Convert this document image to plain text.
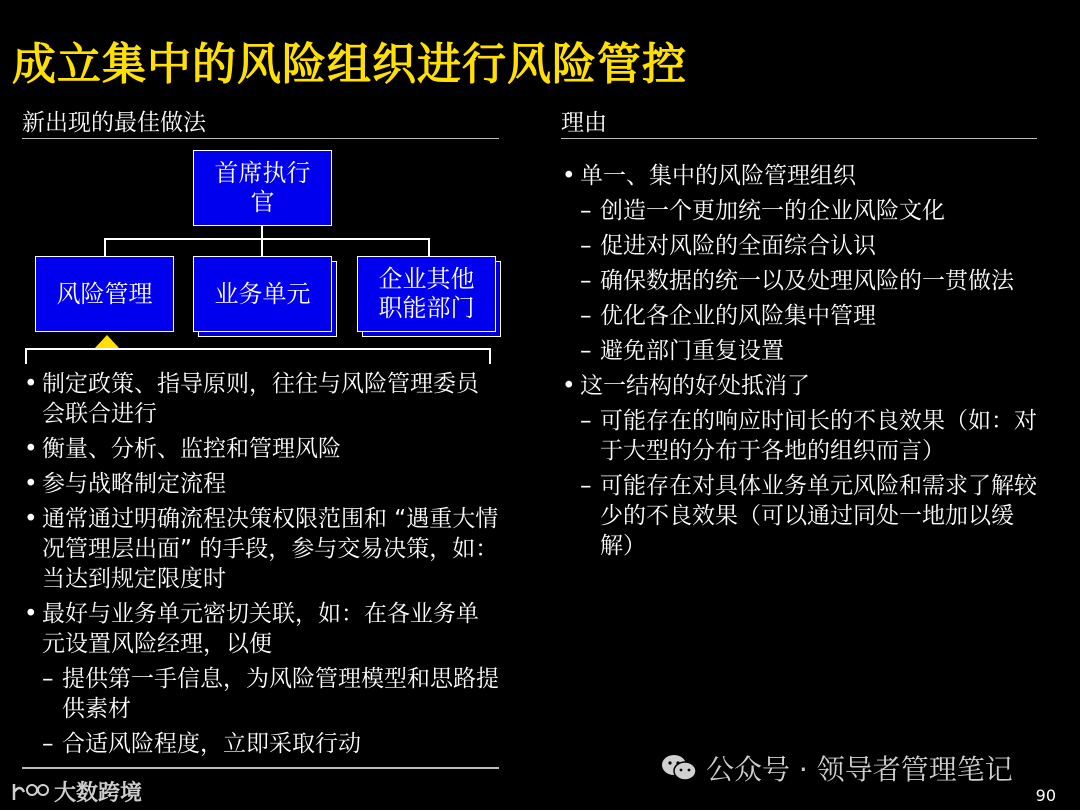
成立集中的风险组织进行风险管控
新出现的最佳做法	理由
首席执行官
风险管理	业务单元
企业其他职能部门
• 制定政策、指导原则，往往与风险管理委员会联合进行
• 衡量、分析、监控和管理风险
• 参与战略制定流程
• 通常通过明确流程决策权限范围和 “遇重大情况管理层出面” 的手段，参与交易决策，如：当达到规定限度时
• 最好与业务单元密切关联，如：在各业务单元设置风险经理，以便
– 提供第一手信息，为风险管理模型和思路提供素材
– 合适风险程度，立即采取行动
• 单一、集中的风险管理组织
– 创造一个更加统一的企业风险文化
– 促进对风险的全面综合认识
– 确保数据的统一以及处理风险的一贯做法
– 优化各企业的风险集中管理
– 避免部门重复设置
• 这一结构的好处抵消了
– 可能存在的响应时间长的不良效果（如：对于大型的分布于各地的组织而言）
– 可能存在对具体业务单元风险和需求了解较少的不良效果（可以通过同处一地加以缓解）
大数跨境
公众号 · 领导者管理笔记
90
